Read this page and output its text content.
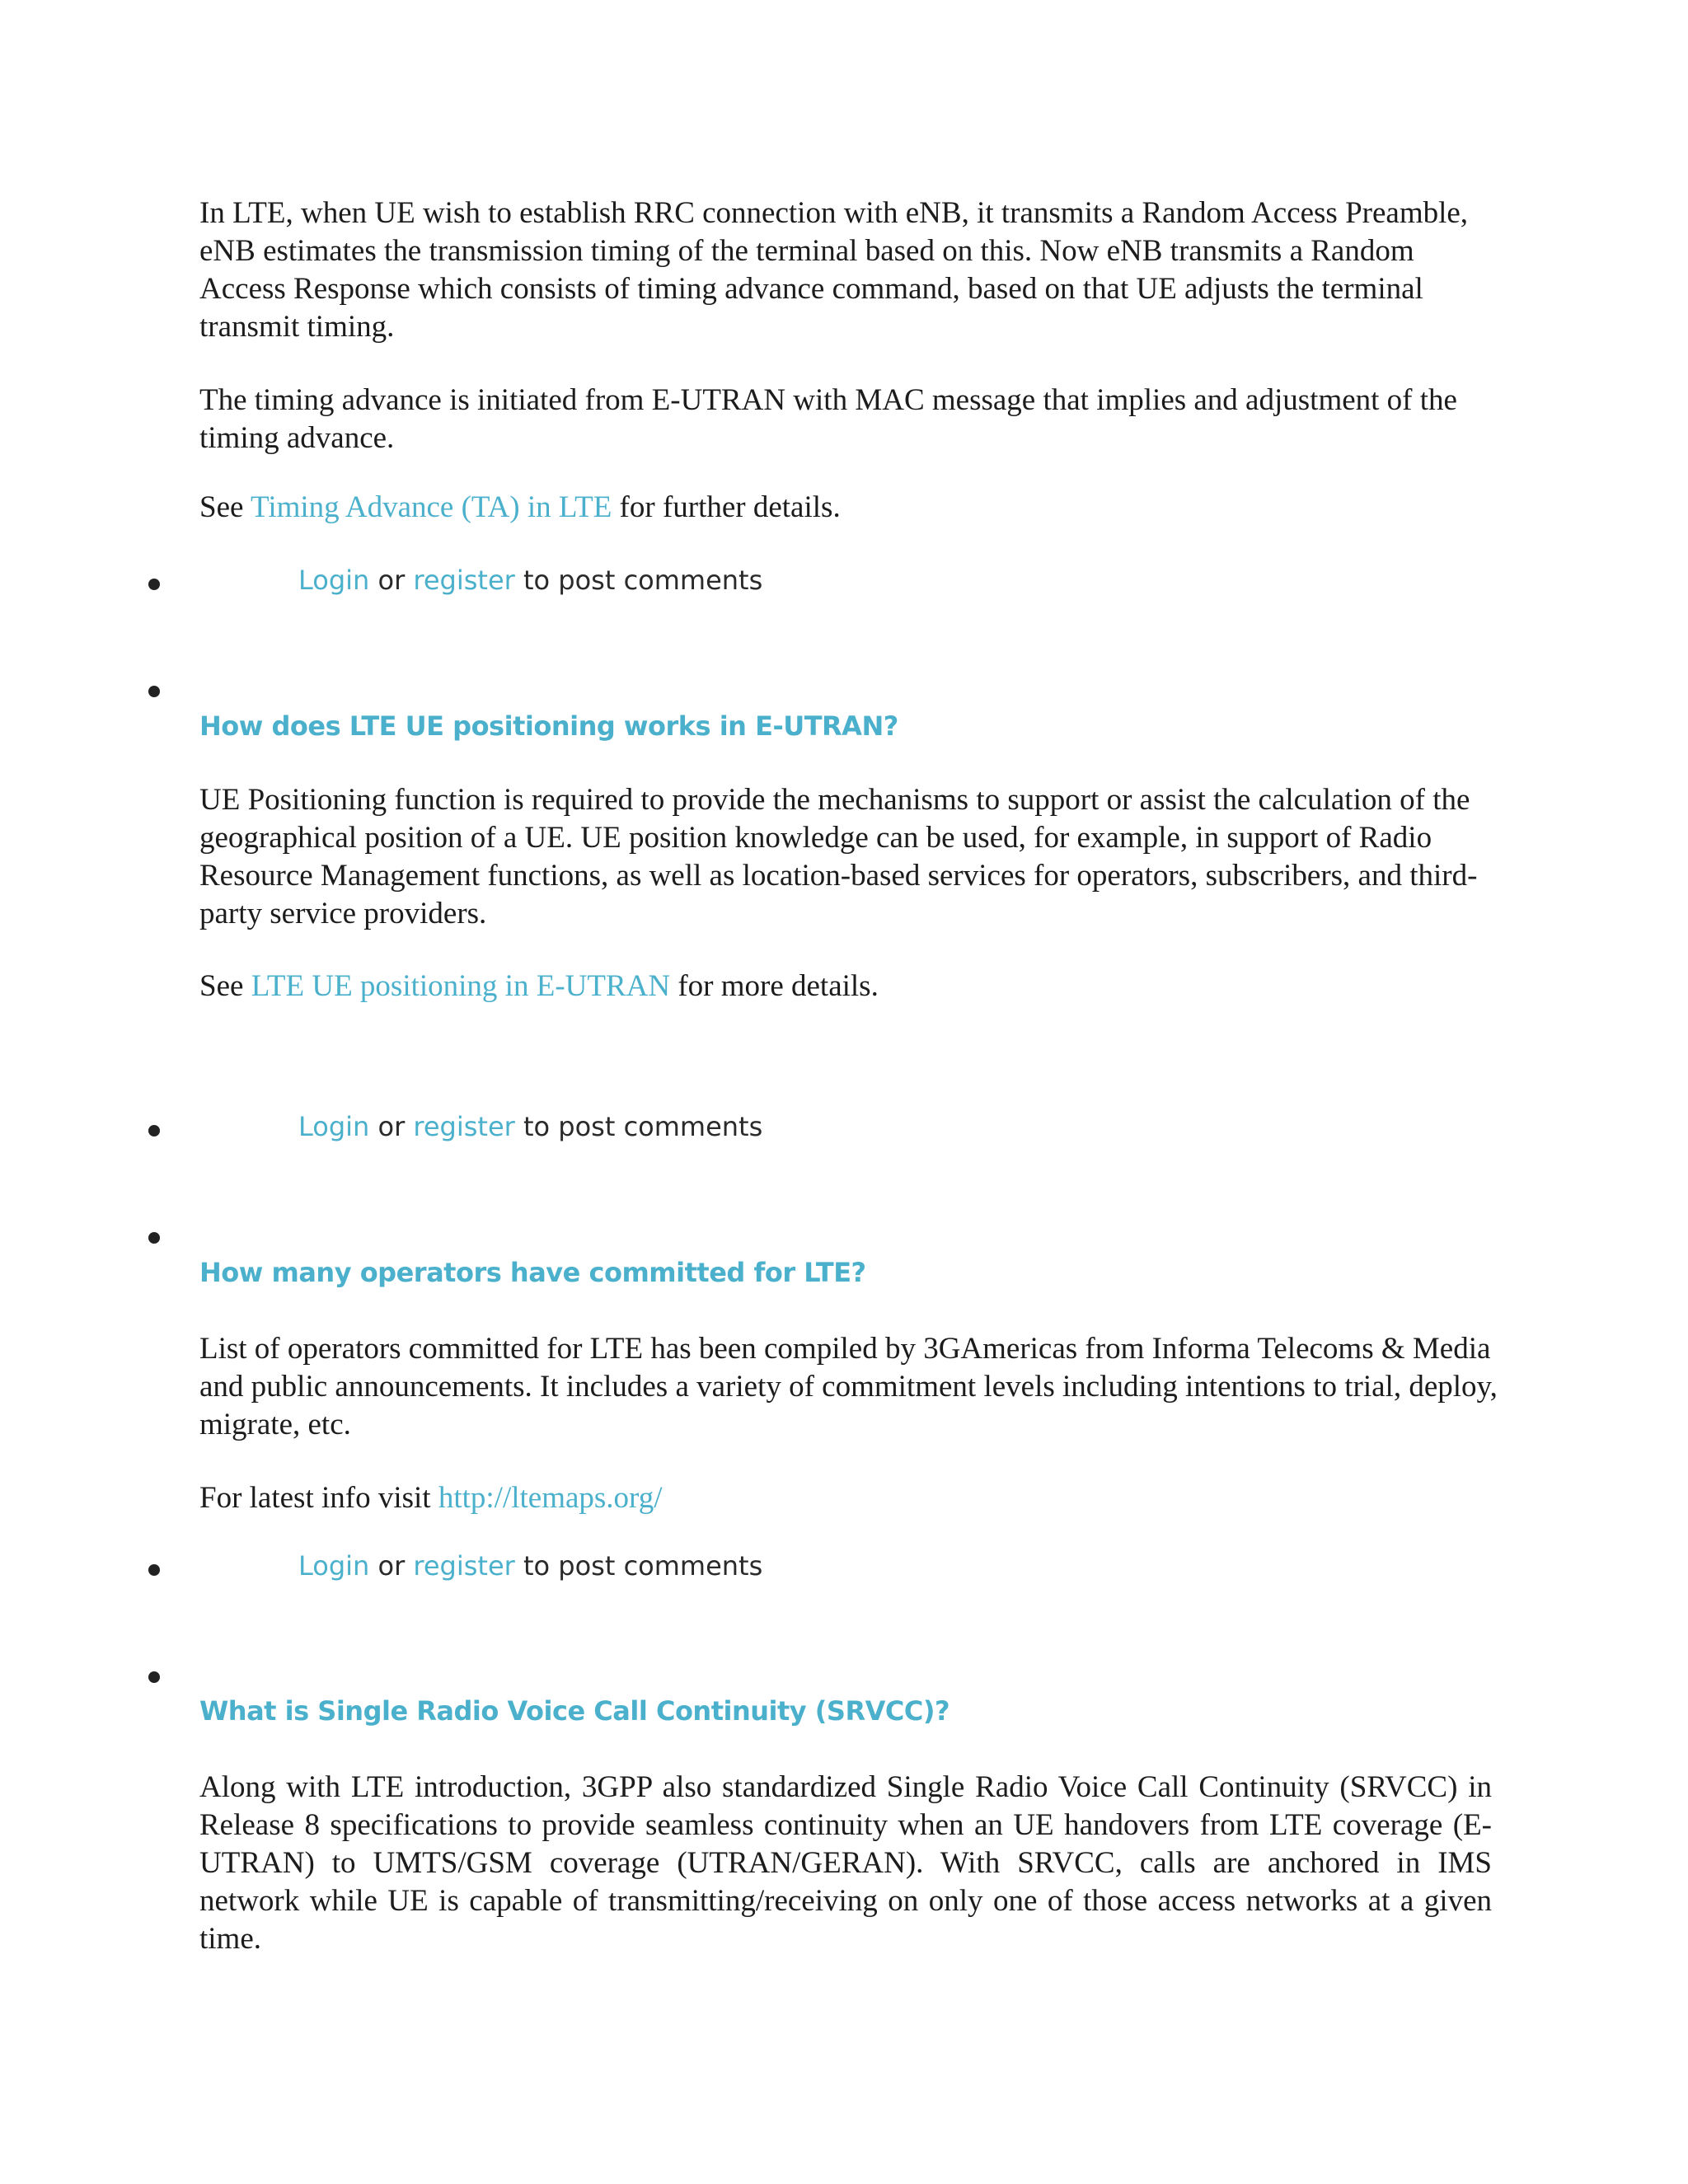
In LTE, when UE wish to establish RRC connection with eNB, it transmits a Random Access Preamble, eNB estimates the transmission timing of the terminal based on this. Now eNB transmits a Random Access Response which consists of timing advance command, based on that UE adjusts the terminal transmit timing.

The timing advance is initiated from E-UTRAN with MAC message that implies and adjustment of the timing advance.

See Timing Advance (TA) in LTE for further details.

Login or register to post comments
How does LTE UE positioning works in E-UTRAN?

UE Positioning function is required to provide the mechanisms to support or assist the calculation of the geographical position of a UE. UE position knowledge can be used, for example, in support of Radio Resource Management functions, as well as location-based services for operators, subscribers, and third-party service providers.

See LTE UE positioning in E-UTRAN for more details.

Login or register to post comments
How many operators have committed for LTE?

List of operators committed for LTE has been compiled by 3GAmericas from Informa Telecoms & Media and public announcements. It includes a variety of commitment levels including intentions to trial, deploy, migrate, etc.

For latest info visit http://ltemaps.org/

Login or register to post comments
What is Single Radio Voice Call Continuity (SRVCC)?

Along with LTE introduction, 3GPP also standardized Single Radio Voice Call Continuity (SRVCC) in Release 8 specifications to provide seamless continuity when an UE handovers from LTE coverage (E-UTRAN) to UMTS/GSM coverage (UTRAN/GERAN). With SRVCC, calls are anchored in IMS network while UE is capable of transmitting/receiving on only one of those access networks at a given time.
